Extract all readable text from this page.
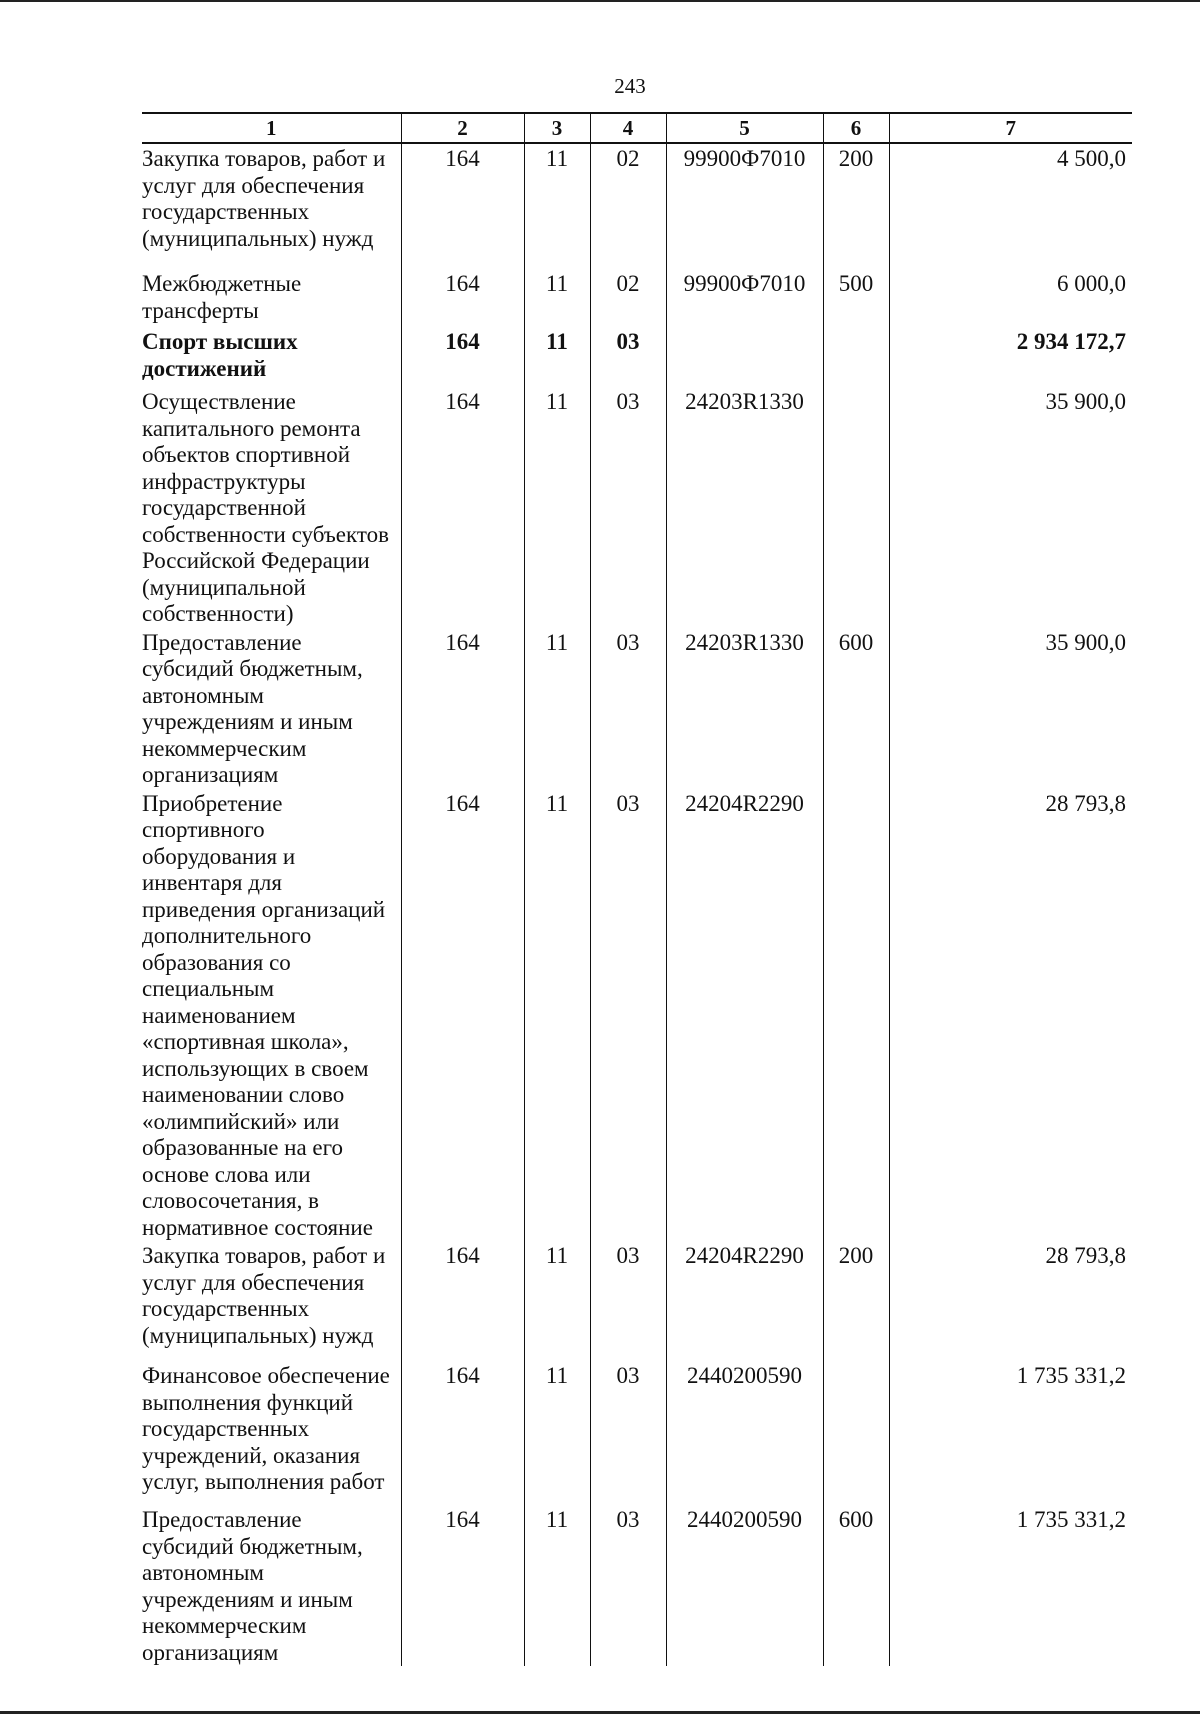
243
1	2	3	4	5	6	7

Закупка товаров, работ и услуг для обеспечения государственных (муниципальных) нужд	164	11	02	99900Ф7010	200	4 500,0

Межбюджетные трансферты	164	11	02	99900Ф7010	500	6 000,0

Спорт высших достижений	164	11	03			2 934 172,7

Осуществление капитального ремонта объектов спортивной инфраструктуры государственной собственности субъектов Российской Федерации (муниципальной собственности)	164	11	03	24203R1330		35 900,0

Предоставление субсидий бюджетным, автономным учреждениям и иным некоммерческим организациям	164	11	03	24203R1330	600	35 900,0

Приобретение спортивного оборудования и инвентаря для приведения организаций дополнительного образования со специальным наименованием «спортивная школа», использующих в своем наименовании слово «олимпийский» или образованные на его основе слова или словосочетания, в нормативное состояние	164	11	03	24204R2290		28 793,8

Закупка товаров, работ и услуг для обеспечения государственных (муниципальных) нужд	164	11	03	24204R2290	200	28 793,8

Финансовое обеспечение выполнения функций государственных учреждений, оказания услуг, выполнения работ	164	11	03	2440200590		1 735 331,2

Предоставление субсидий бюджетным, автономным учреждениям и иным некоммерческим организациям	164	11	03	2440200590	600	1 735 331,2
